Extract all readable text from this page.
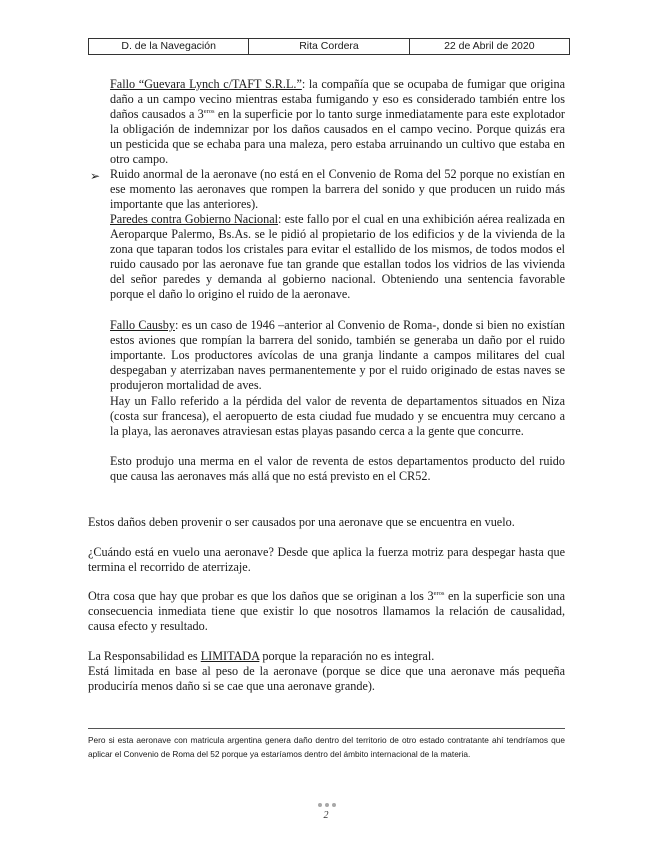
D. de la Navegación	Rita Cordera	22 de Abril de 2020

Fallo “Guevara Lynch c/TAFT S.R.L.”: la compañía que se ocupaba de fumigar que origina daño a un campo vecino mientras estaba fumigando y eso es considerado también entre los daños causados a $3^{eros}$ en la superficie por lo tanto surge inmediatamente para este explotador la obligación de indemnizar por los daños causados en el campo vecino. Porque quizás era un pesticida que se echaba para una maleza, pero estaba arruinando un cultivo que estaba en otro campo.

➢ Ruido anormal de la aeronave (no está en el Convenio de Roma del 52 porque no existían en ese momento las aeronaves que rompen la barrera del sonido y que producen un ruido más importante que las anteriores).

Paredes contra Gobierno Nacional: este fallo por el cual en una exhibición aérea realizada en Aeroparque Palermo, Bs.As. se le pidió al propietario de los edificios y de la vivienda de la zona que taparan todos los cristales para evitar el estallido de los mismos, de todos modos el ruido causado por las aeronave fue tan grande que estallan todos los vidrios de las vivienda del señor paredes y demanda al gobierno nacional. Obteniendo una sentencia favorable porque el daño lo origino el ruido de la aeronave.

Fallo Causby: es un caso de 1946 –anterior al Convenio de Roma-, donde si bien no existían estos aviones que rompían la barrera del sonido, también se generaba un daño por el ruido importante. Los productores avícolas de una granja lindante a campos militares del cual despegaban y aterrizaban naves permanentemente y por el ruido originado de estas naves se produjeron mortalidad de aves.

Hay un Fallo referido a la pérdida del valor de reventa de departamentos situados en Niza (costa sur francesa), el aeropuerto de esta ciudad fue mudado y se encuentra muy cercano a la playa, las aeronaves atraviesan estas playas pasando cerca a la gente que concurre.

Esto produjo una merma en el valor de reventa de estos departamentos producto del ruido que causa las aeronaves más allá que no está previsto en el CR52.

Estos daños deben provenir o ser causados por una aeronave que se encuentra en vuelo.

¿Cuándo está en vuelo una aeronave? Desde que aplica la fuerza motriz para despegar hasta que termina el recorrido de aterrizaje.

Otra cosa que hay que probar es que los daños que se originan a los $3^{eros}$ en la superficie son una consecuencia inmediata tiene que existir lo que nosotros llamamos la relación de causalidad, causa efecto y resultado.

La Responsabilidad es LIMITADA porque la reparación no es integral.

Está limitada en base al peso de la aeronave (porque se dice que una aeronave más pequeña produciría menos daño si se cae que una aeronave grande).

Pero si esta aeronave con matricula argentina genera daño dentro del territorio de otro estado contratante ahí tendríamos que aplicar el Convenio de Roma del 52 porque ya estaríamos dentro del ámbito internacional de la materia.
2
